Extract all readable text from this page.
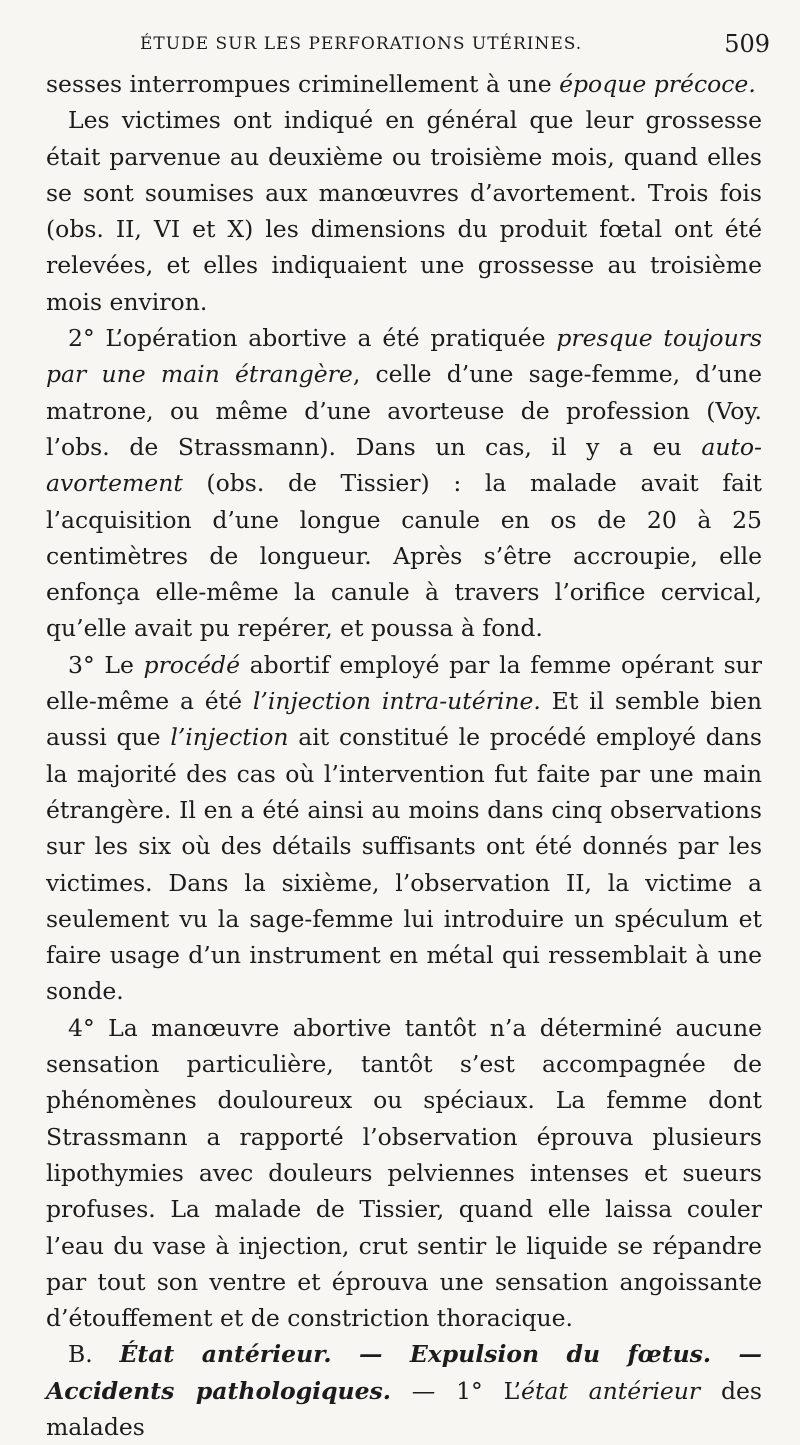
ÉTUDE SUR LES PERFORATIONS UTÉRINES.	509

sesses interrompues criminellement à une époque précoce.

Les victimes ont indiqué en général que leur grossesse était parvenue au deuxième ou troisième mois, quand elles se sont soumises aux manœuvres d’avortement. Trois fois (obs. II, VI et X) les dimensions du produit fœtal ont été relevées, et elles indiquaient une grossesse au troisième mois environ.

2° L’opération abortive a été pratiquée presque toujours par une main étrangère, celle d’une sage-femme, d’une matrone, ou même d’une avorteuse de profession (Voy. l’obs. de Strassmann). Dans un cas, il y a eu auto-avortement (obs. de Tissier) : la malade avait fait l’acquisition d’une longue canule en os de 20 à 25 centimètres de longueur. Après s’être accroupie, elle enfonça elle-même la canule à travers l’orifice cervical, qu’elle avait pu repérer, et poussa à fond.

3° Le procédé abortif employé par la femme opérant sur elle-même a été l’injection intra-utérine. Et il semble bien aussi que l’injection ait constitué le procédé employé dans la majorité des cas où l’intervention fut faite par une main étrangère. Il en a été ainsi au moins dans cinq observations sur les six où des détails suffisants ont été donnés par les victimes. Dans la sixième, l’observation II, la victime a seulement vu la sage-femme lui introduire un spéculum et faire usage d’un instrument en métal qui ressemblait à une sonde.

4° La manœuvre abortive tantôt n’a déterminé aucune sensation particulière, tantôt s’est accompagnée de phénomènes douloureux ou spéciaux. La femme dont Strassmann a rapporté l’observation éprouva plusieurs lipothymies avec douleurs pelviennes intenses et sueurs profuses. La malade de Tissier, quand elle laissa couler l’eau du vase à injection, crut sentir le liquide se répandre par tout son ventre et éprouva une sensation angoissante d’étouffement et de constriction thoracique.

B. État antérieur. — Expulsion du fœtus. — Accidents pathologiques. — 1° L’état antérieur des malades
